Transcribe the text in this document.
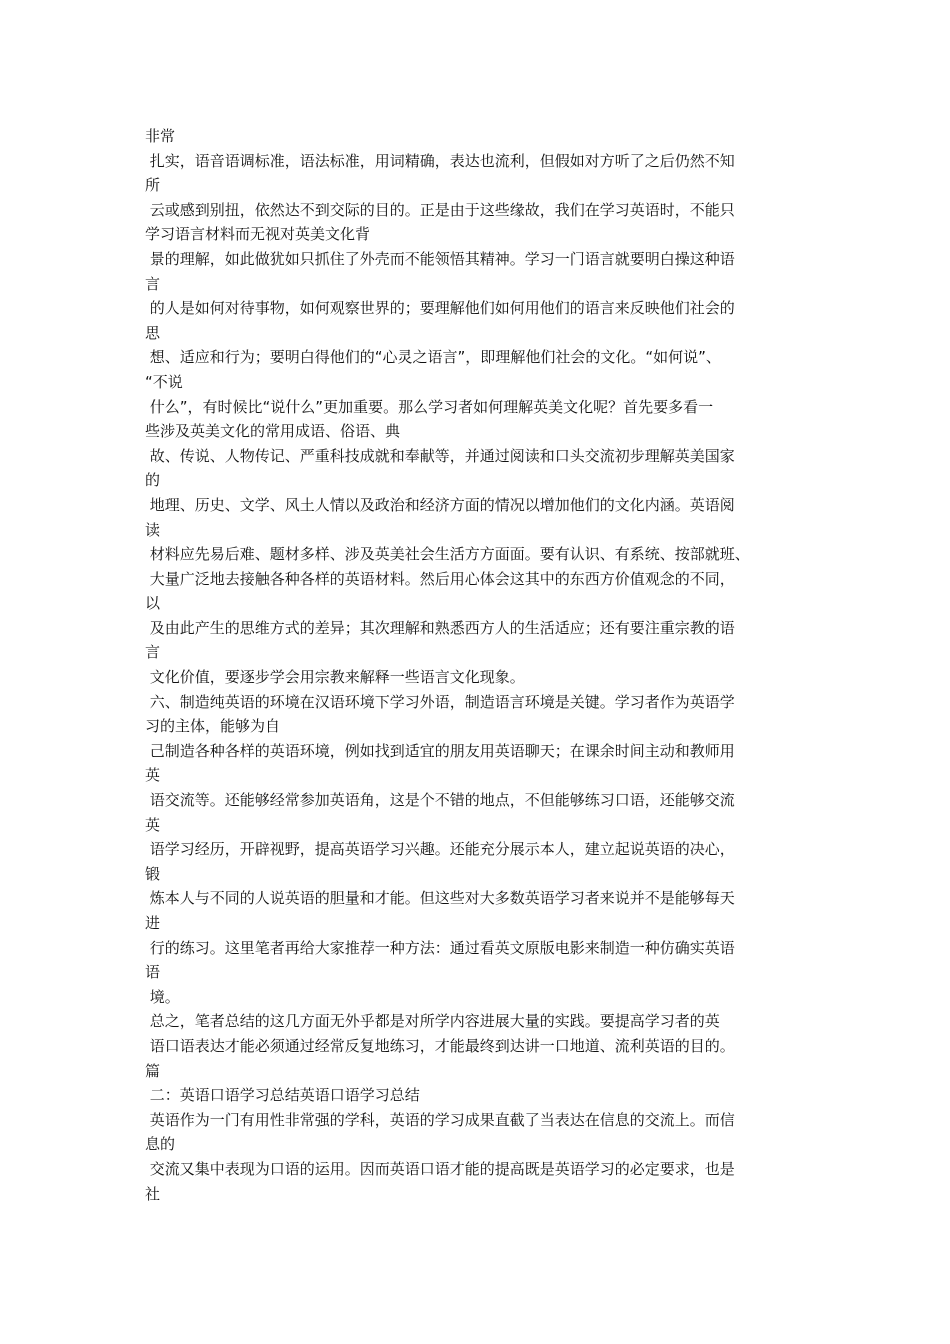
非常
扎实，语音语调标准，语法标准，用词精确，表达也流利，但假如对方听了之后仍然不知
所
云或感到别扭，依然达不到交际的目的。正是由于这些缘故，我们在学习英语时，不能只
学习语言材料而无视对英美文化背
景的理解，如此做犹如只抓住了外壳而不能领悟其精神。学习一门语言就要明白操这种语
言
的人是如何对待事物，如何观察世界的；要理解他们如何用他们的语言来反映他们社会的
思
想、适应和行为；要明白得他们的“心灵之语言”，即理解他们社会的文化。“如何说”、
“不说
什么”，有时候比“说什么”更加重要。那么学习者如何理解英美文化呢？首先要多看一
些涉及英美文化的常用成语、俗语、典
故、传说、人物传记、严重科技成就和奉献等，并通过阅读和口头交流初步理解英美国家
的
地理、历史、文学、风土人情以及政治和经济方面的情况以增加他们的文化内涵。英语阅
读
材料应先易后难、题材多样、涉及英美社会生活方方面面。要有认识、有系统、按部就班、
大量广泛地去接触各种各样的英语材料。然后用心体会这其中的东西方价值观念的不同，
以
及由此产生的思维方式的差异；其次理解和熟悉西方人的生活适应；还有要注重宗教的语
言
文化价值，要逐步学会用宗教来解释一些语言文化现象。
六、制造纯英语的环境在汉语环境下学习外语，制造语言环境是关键。学习者作为英语学
习的主体，能够为自
己制造各种各样的英语环境，例如找到适宜的朋友用英语聊天；在课余时间主动和教师用
英
语交流等。还能够经常参加英语角，这是个不错的地点，不但能够练习口语，还能够交流
英
语学习经历，开辟视野，提高英语学习兴趣。还能充分展示本人，建立起说英语的决心，
锻
炼本人与不同的人说英语的胆量和才能。但这些对大多数英语学习者来说并不是能够每天
进
行的练习。这里笔者再给大家推荐一种方法：通过看英文原版电影来制造一种仿确实英语
语
境。
总之，笔者总结的这几方面无外乎都是对所学内容进展大量的实践。要提高学习者的英
语口语表达才能必须通过经常反复地练习，才能最终到达讲一口地道、流利英语的目的。
篇
二：英语口语学习总结英语口语学习总结
英语作为一门有用性非常强的学科，英语的学习成果直截了当表达在信息的交流上。而信
息的
交流又集中表现为口语的运用。因而英语口语才能的提高既是英语学习的必定要求，也是
社
